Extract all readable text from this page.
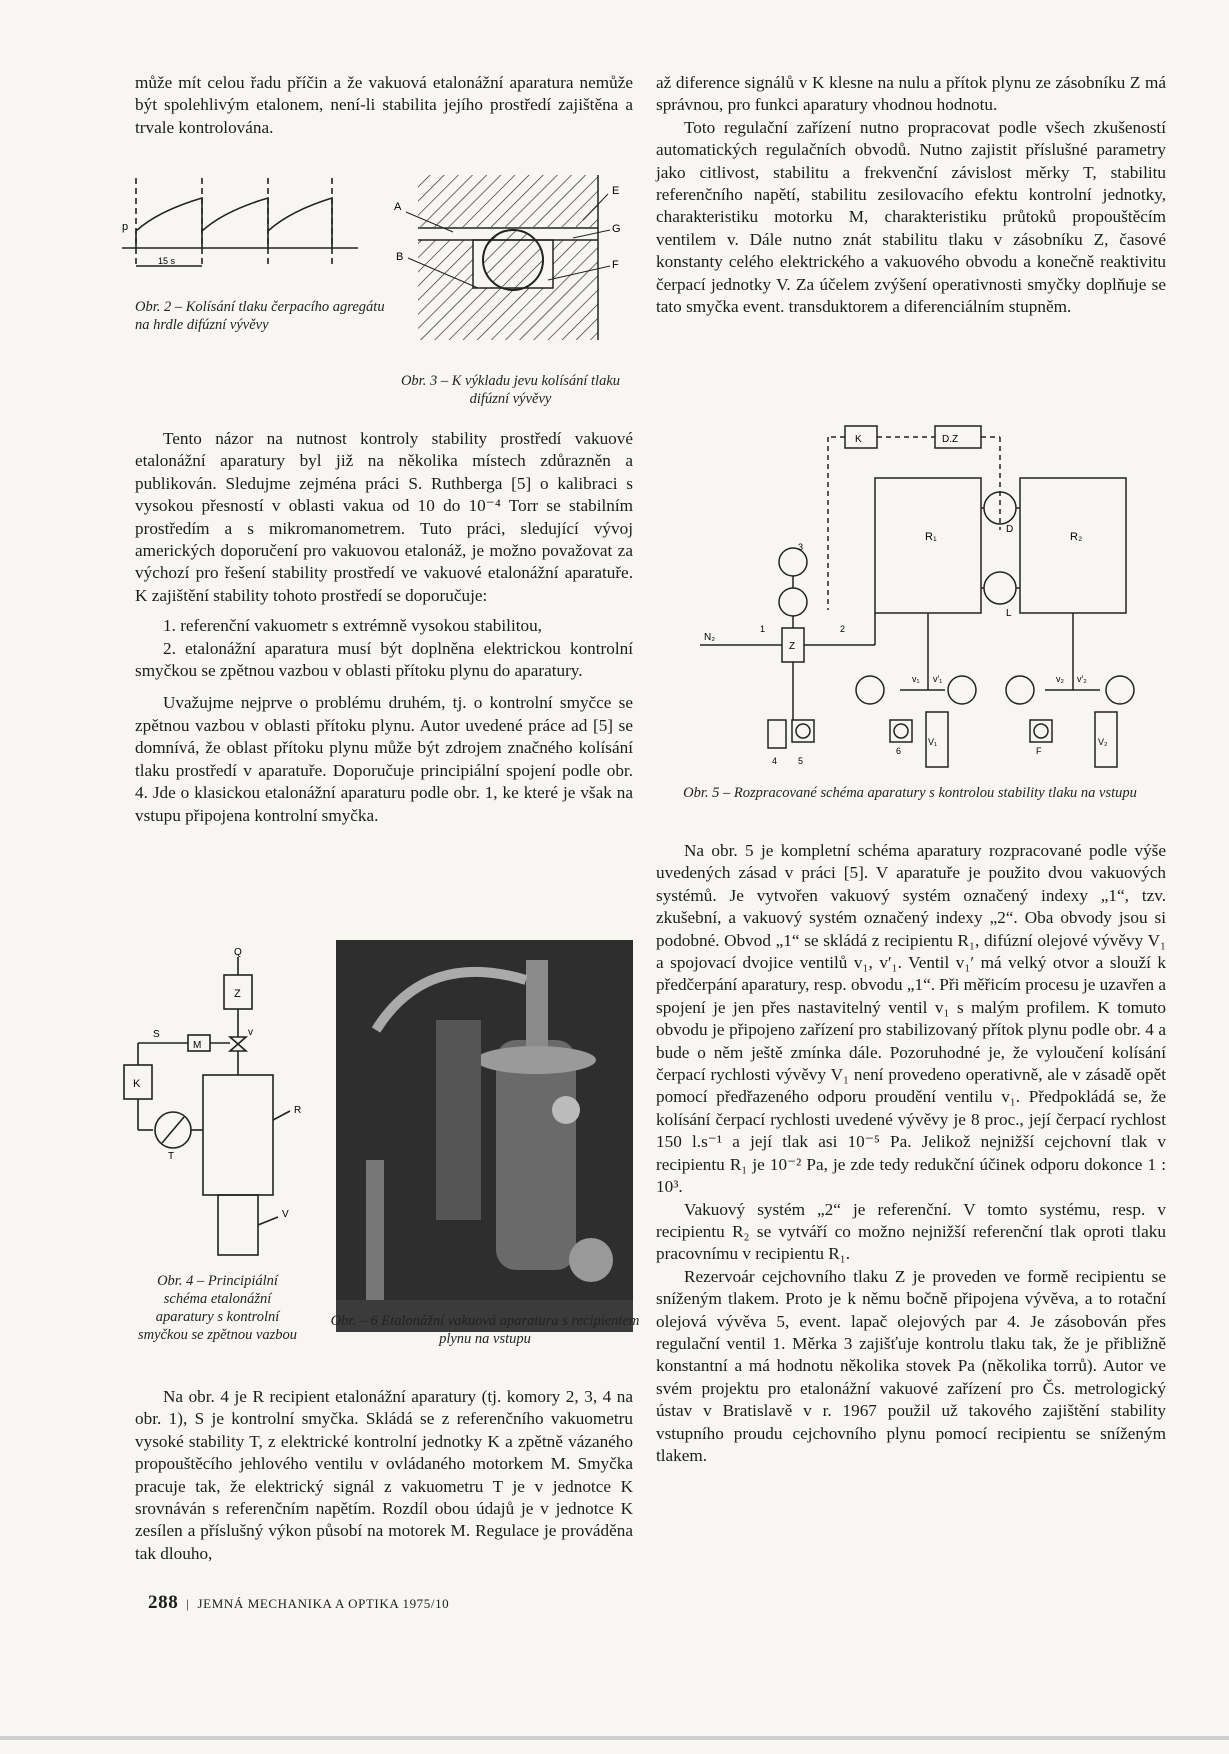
může mít celou řadu příčin a že vakuová etalonážní aparatura nemůže být spolehlivým etalonem, není-li stabilita jejího prostředí zajištěna a trvale kontrolována.

p
15 s
Obr. 2 – Kolísání tlaku čerpacího agregátu na hrdle difúzní vývěvy
A
B
E
G
F
Obr. 3 – K výkladu jevu kolísání tlaku difúzní vývěvy

Tento názor na nutnost kontroly stability prostředí vakuové etalonážní aparatury byl již na několika místech zdůrazněn a publikován. Sledujme zejména práci S. Ruthberga [5] o kalibraci s vysokou přesností v oblasti vakua od 10 do 10⁻⁴ Torr se stabilním prostředím a s mikromanometrem. Tuto práci, sledující vývoj amerických doporučení pro vakuovou etalonáž, je možno považovat za výchozí pro řešení stability prostředí ve vakuové etalonážní aparatuře. K zajištění stability tohoto prostředí se doporučuje:

1. referenční vakuometr s extrémně vysokou stabilitou,
2. etalonážní aparatura musí být doplněna elektrickou kontrolní smyčkou se zpětnou vazbou v oblasti přítoku plynu do aparatury.

Uvažujme nejprve o problému druhém, tj. o kontrolní smyčce se zpětnou vazbou v oblasti přítoku plynu. Autor uvedené práce ad [5] se domnívá, že oblast přítoku plynu může být zdrojem značného kolísání tlaku prostředí v aparatuře. Doporučuje principiální spojení podle obr. 4. Jde o klasickou etalonážní aparaturu podle obr. 1, ke které je však na vstupu připojena kontrolní smyčka.

Q
Z
S
M
v
K
T
R
V
Obr. 4 – Principiální schéma etalonážní aparatury s kontrolní smyčkou se zpětnou vazbou
Obr. – 6 Etalonážní vakuová aparatura s recipientem plynu na vstupu

Na obr. 4 je R recipient etalonážní aparatury (tj. komory 2, 3, 4 na obr. 1), S je kontrolní smyčka. Skládá se z referenčního vakuometru vysoké stability T, z elektrické kontrolní jednotky K a zpětně vázaného propouštěcího jehlového ventilu v ovládaného motorkem M. Smyčka pracuje tak, že elektrický signál z vakuometru T je v jednotce K srovnáván s referenčním napětím. Rozdíl obou údajů je v jednotce K zesílen a příslušný výkon působí na motorek M. Regulace je prováděna tak dlouho,

až diference signálů v K klesne na nulu a přítok plynu ze zásobníku Z má správnou, pro funkci aparatury vhodnou hodnotu.

Toto regulační zařízení nutno propracovat podle všech zkušeností automatických regulačních obvodů. Nutno zajistit příslušné parametry jako citlivost, stabilitu a frekvenční závislost měrky T, stabilitu referenčního napětí, stabilitu zesilovacího efektu kontrolní jednotky, charakteristiku motorku M, charakteristiku průtoků propouštěcím ventilem v. Dále nutno znát stabilitu tlaku v zásobníku Z, časové konstanty celého elektrického a vakuového obvodu a konečně reaktivitu čerpací jednotky V. Za účelem zvýšení operativnosti smyčky doplňuje se tato smyčka event. transduktorem a diferenciálním stupněm.

K	D.Z
R₁	R₂
D
L
N₂
1	2
3
Z
4 5
6	F
v₁ v′₁	v₂ v′₂
V₁	V₂
Obr. 5 – Rozpracované schéma aparatury s kontrolou stability tlaku na vstupu

Na obr. 5 je kompletní schéma aparatury rozpracované podle výše uvedených zásad v práci [5]. V aparatuře je použito dvou vakuových systémů. Je vytvořen vakuový systém označený indexy „1“, tzv. zkušební, a vakuový systém označený indexy „2“. Oba obvody jsou si podobné. Obvod „1“ se skládá z recipientu R₁, difúzní olejové vývěvy V₁ a spojovací dvojice ventilů v₁, v′₁. Ventil v₁′ má velký otvor a slouží k předčerpání aparatury, resp. obvodu „1“. Při měřicím procesu je uzavřen a spojení je jen přes nastavitelný ventil v₁ s malým profilem. K tomuto obvodu je připojeno zařízení pro stabilizovaný přítok plynu podle obr. 4 a bude o něm ještě zmínka dále. Pozoruhodné je, že vyloučení kolísání čerpací rychlosti vývěvy V₁ není provedeno operativně, ale v zásadě opět pomocí předřazeného odporu proudění ventilu v₁. Předpokládá se, že kolísání čerpací rychlosti uvedené vývěvy je 8 proc., její čerpací rychlost 150 l.s⁻¹ a její tlak asi 10⁻⁵ Pa. Jelikož nejnižší cejchovní tlak v recipientu R₁ je 10⁻² Pa, je zde tedy redukční účinek odporu dokonce 1 : 10³.

Vakuový systém „2“ je referenční. V tomto systému, resp. v recipientu R₂ se vytváří co možno nejnižší referenční tlak oproti tlaku pracovnímu v recipientu R₁.

Rezervoár cejchovního tlaku Z je proveden ve formě recipientu se sníženým tlakem. Proto je k němu bočně připojena vývěva, a to rotační olejová vývěva 5, event. lapač olejových par 4. Je zásobován přes regulační ventil 1. Měrka 3 zajišťuje kontrolu tlaku tak, že je přibližně konstantní a má hodnotu několika stovek Pa (několika torrů). Autor ve svém projektu pro etalonážní vakuové zařízení pro Čs. metrologický ústav v Bratislavě v r. 1967 použil už takového zajištění stability vstupního proudu cejchovního plynu pomocí recipientu se sníženým tlakem.

288 | JEMNÁ MECHANIKA A OPTIKA 1975/10
